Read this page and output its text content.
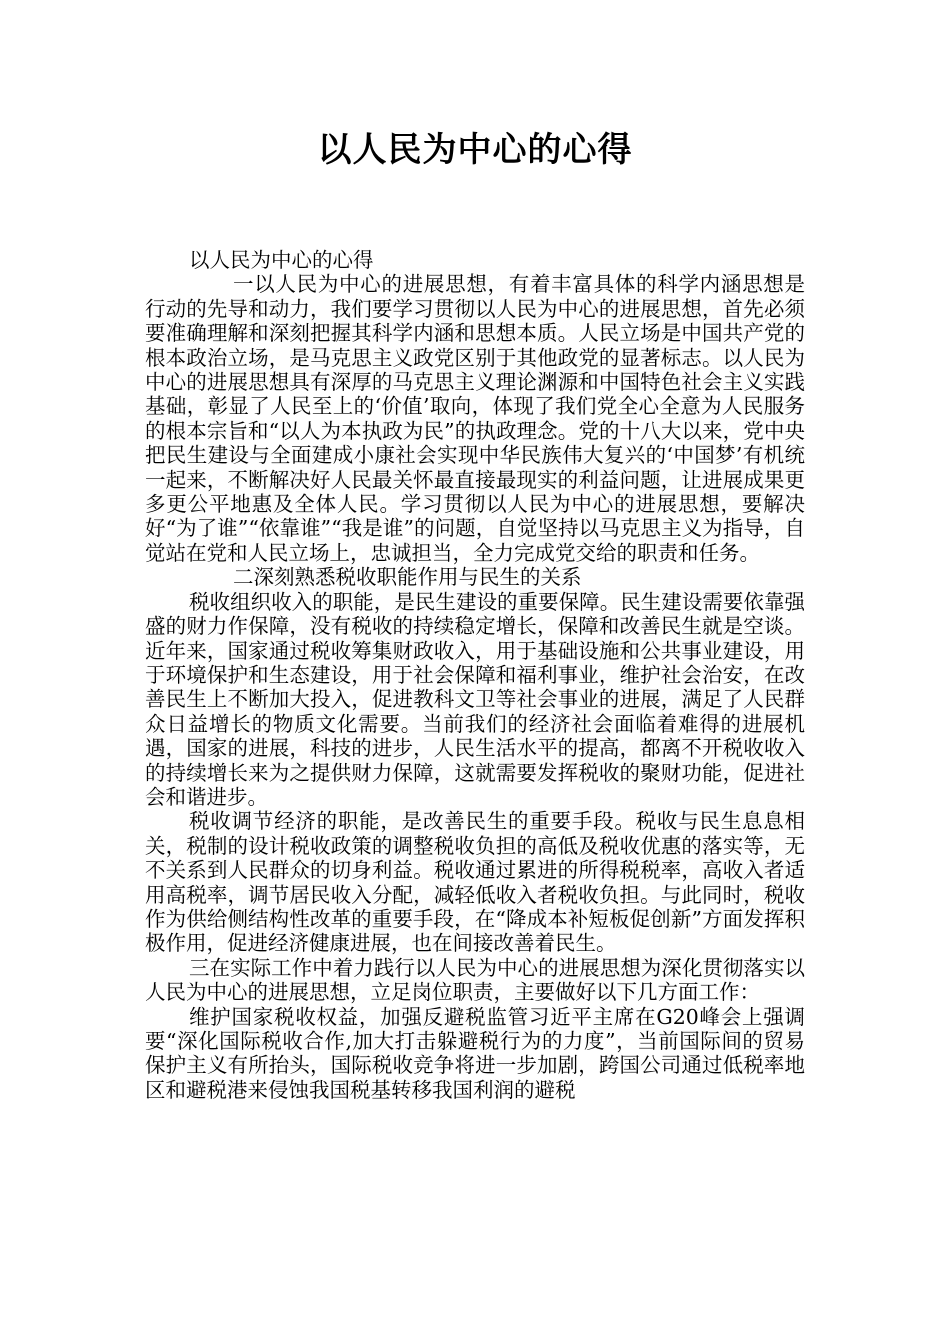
以人民为中心的心得

以人民为中心的心得

一以人民为中心的进展思想，有着丰富具体的科学内涵思想是行动的先导和动力，我们要学习贯彻以人民为中心的进展思想，首先必须要准确理解和深刻把握其科学内涵和思想本质。人民立场是中国共产党的根本政治立场，是马克思主义政党区别于其他政党的显著标志。以人民为中心的进展思想具有深厚的马克思主义理论渊源和中国特色社会主义实践基础，彰显了人民至上的‘价值’取向，体现了我们党全心全意为人民服务的根本宗旨和“以人为本执政为民”的执政理念。党的十八大以来，党中央把民生建设与全面建成小康社会实现中华民族伟大复兴的‘中国梦’有机统一起来，不断解决好人民最关怀最直接最现实的利益问题，让进展成果更多更公平地惠及全体人民。学习贯彻以人民为中心的进展思想，要解决好“为了谁”“依靠谁”“我是谁”的问题，自觉坚持以马克思主义为指导，自觉站在党和人民立场上，忠诚担当，全力完成党交给的职责和任务。

二深刻熟悉税收职能作用与民生的关系

税收组织收入的职能，是民生建设的重要保障。民生建设需要依靠强盛的财力作保障，没有税收的持续稳定增长，保障和改善民生就是空谈。近年来，国家通过税收筹集财政收入，用于基础设施和公共事业建设，用于环境保护和生态建设，用于社会保障和福利事业，维护社会治安，在改善民生上不断加大投入，促进教科文卫等社会事业的进展，满足了人民群众日益增长的物质文化需要。当前我们的经济社会面临着难得的进展机遇，国家的进展，科技的进步，人民生活水平的提高，都离不开税收收入的持续增长来为之提供财力保障，这就需要发挥税收的聚财功能，促进社会和谐进步。

税收调节经济的职能，是改善民生的重要手段。税收与民生息息相关，税制的设计税收政策的调整税收负担的高低及税收优惠的落实等，无不关系到人民群众的切身利益。税收通过累进的所得税税率，高收入者适用高税率，调节居民收入分配，减轻低收入者税收负担。与此同时，税收作为供给侧结构性改革的重要手段，在“降成本补短板促创新”方面发挥积极作用，促进经济健康进展，也在间接改善着民生。

三在实际工作中着力践行以人民为中心的进展思想为深化贯彻落实以人民为中心的进展思想，立足岗位职责，主要做好以下几方面工作：

维护国家税收权益，加强反避税监管习近平主席在G20峰会上强调要“深化国际税收合作,加大打击躲避税行为的力度”，当前国际间的贸易保护主义有所抬头，国际税收竞争将进一步加剧，跨国公司通过低税率地区和避税港来侵蚀我国税基转移我国利润的避税
